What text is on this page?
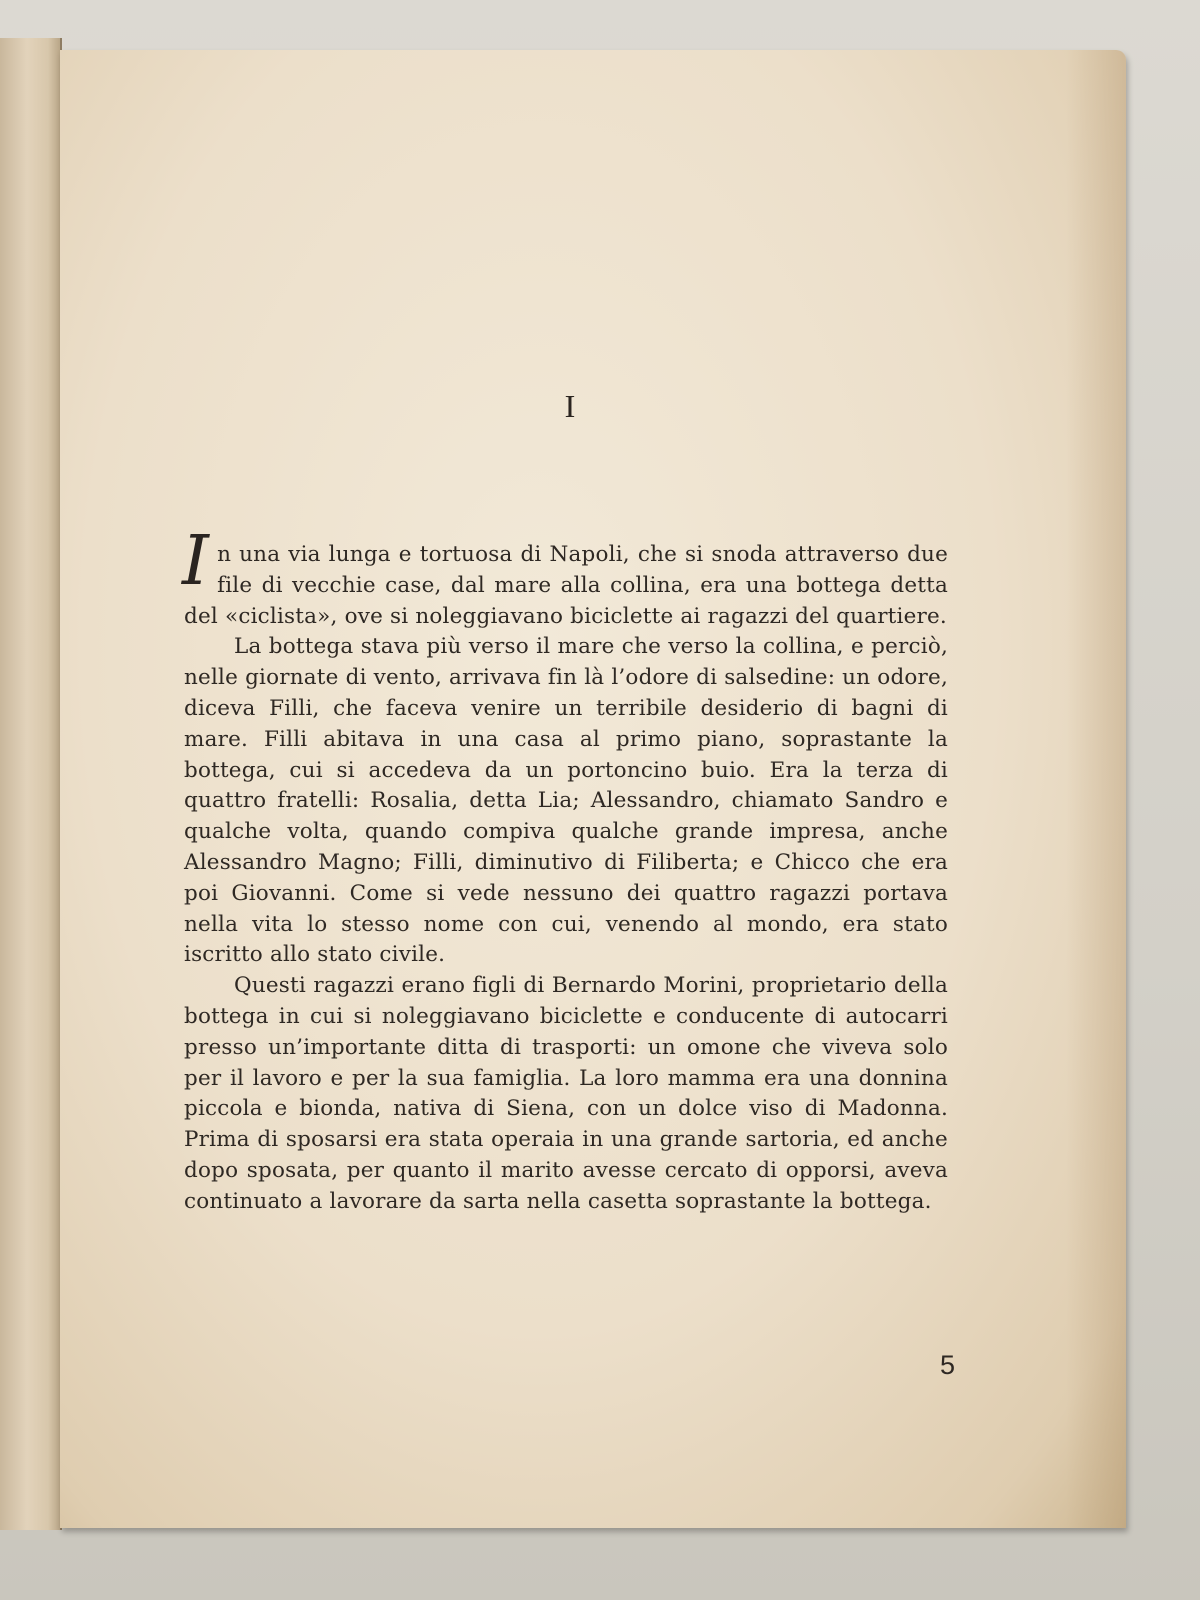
I

In una via lunga e tortuosa di Napoli, che si snoda attraverso due file di vecchie case, dal mare alla collina, era una bottega detta del «ciclista», ove si noleggiavano biciclette ai ragazzi del quartiere.

La bottega stava più verso il mare che verso la collina, e perciò, nelle giornate di vento, arrivava fin là l’odore di salsedine: un odore, diceva Filli, che faceva venire un terribile desiderio di bagni di mare. Filli abitava in una casa al primo piano, soprastante la bottega, cui si accedeva da un portoncino buio. Era la terza di quattro fratelli: Rosalia, detta Lia; Alessandro, chiamato Sandro e qualche volta, quando compiva qualche grande impresa, anche Alessandro Magno; Filli, diminutivo di Filiberta; e Chicco che era poi Giovanni. Come si vede nessuno dei quattro ragazzi portava nella vita lo stesso nome con cui, venendo al mondo, era stato iscritto allo stato civile.

Questi ragazzi erano figli di Bernardo Morini, proprietario della bottega in cui si noleggiavano biciclette e conducente di autocarri presso un’importante ditta di trasporti: un omone che viveva solo per il lavoro e per la sua famiglia. La loro mamma era una donnina piccola e bionda, nativa di Siena, con un dolce viso di Madonna. Prima di sposarsi era stata operaia in una grande sartoria, ed anche dopo sposata, per quanto il marito avesse cercato di opporsi, aveva continuato a lavorare da sarta nella casetta soprastante la bottega.

5
